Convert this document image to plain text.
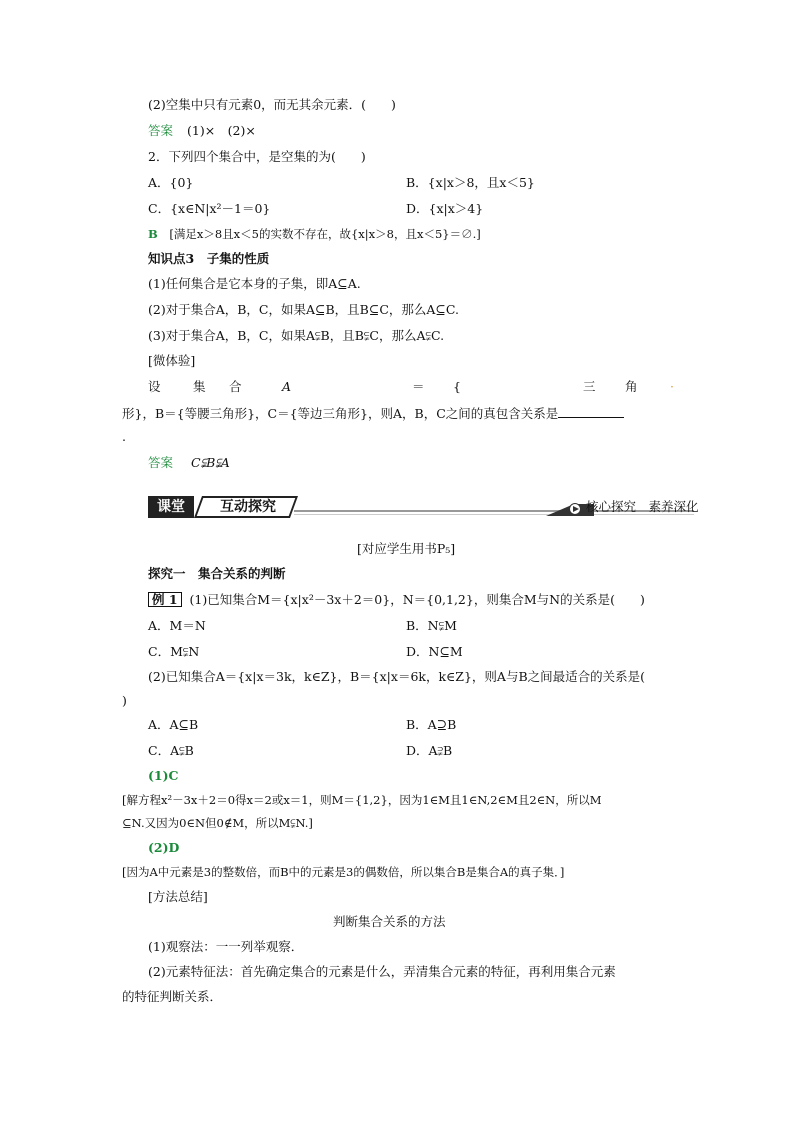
(2)空集中只有元素0，而无其余元素．(　　)
答案 (1)×　(2)×
2．下列四个集合中，是空集的为(　　)
A．{0}	B．{x|x＞8，且x＜5}
C．{x∈N|x²－1＝0}	D．{x|x＞4}
B [满足x＞8且x＜5的实数不存在，故{x|x＞8，且x＜5}＝∅.]
知识点3　子集的性质
(1)任何集合是它本身的子集，即A⊆A.
(2)对于集合A，B，C，如果A⊆B，且B⊆C，那么A⊆C.
(3)对于集合A，B，C，如果A⫋B，且B⫋C，那么A⫋C.
[微体验]
设	集 合	A	＝ {	三 角	·
形}，B＝{等腰三角形}，C＝{等边三角形}，则A，B，C之间的真包含关系是
.
答案 C⫋B⫋A
课堂	互动探究	核心探究　素养深化
[对应学生用书P₅]
探究一　集合关系的判断
例 1 (1)已知集合M＝{x|x²－3x＋2＝0}，N＝{0,1,2}，则集合M与N的关系是(　　)
A．M＝N	B．N⫋M
C．M⫋N	D．N⊆M
(2)已知集合A＝{x|x＝3k，k∈Z}，B＝{x|x＝6k，k∈Z}，则A与B之间最适合的关系是(
)
A．A⊆B	B．A⊇B
C．A⫋B	D．A⫌B
(1)C
[解方程x²－3x＋2＝0得x＝2或x＝1，则M＝{1,2}，因为1∈M且1∈N,2∈M且2∈N，所以M
⊆N.又因为0∈N但0∉M，所以M⫋N.]
(2)D
[因为A中元素是3的整数倍，而B中的元素是3的偶数倍，所以集合B是集合A的真子集．]
[方法总结]
判断集合关系的方法
(1)观察法：一一列举观察．
(2)元素特征法：首先确定集合的元素是什么，弄清集合元素的特征，再利用集合元素
的特征判断关系．
